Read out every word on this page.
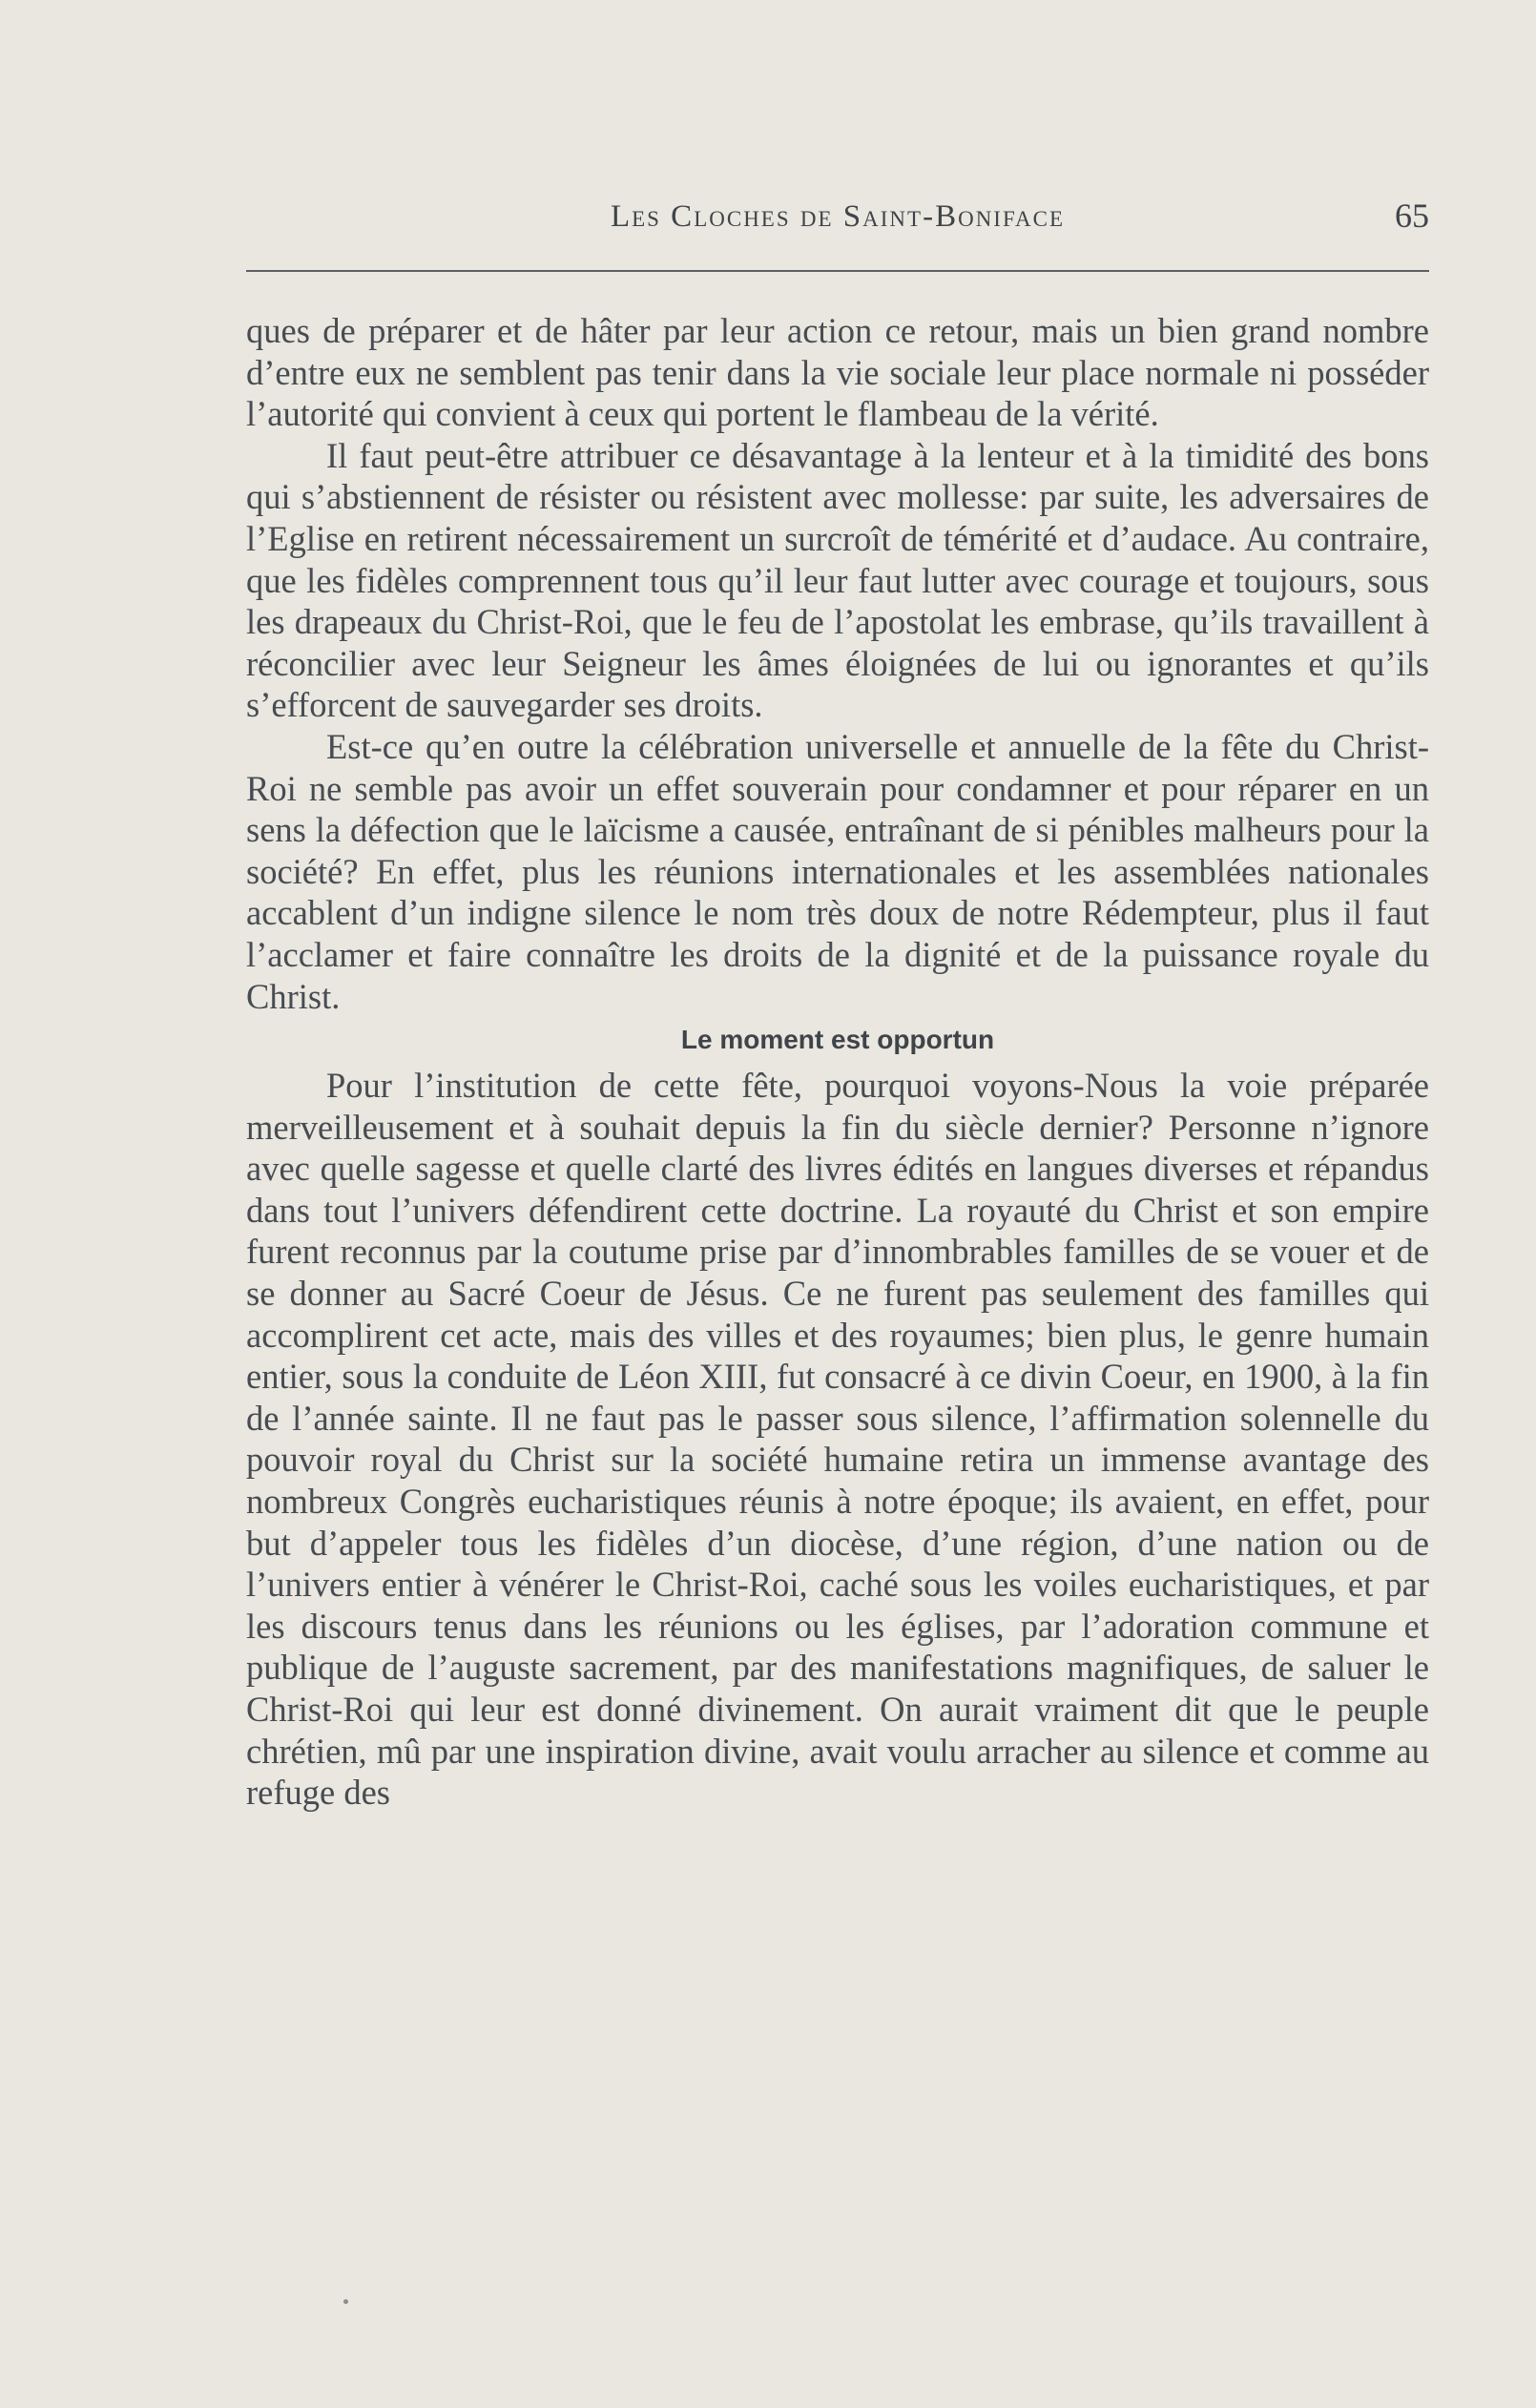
Les Cloches de Saint-Boniface	65

ques de préparer et de hâter par leur action ce retour, mais un bien grand nombre d’entre eux ne semblent pas tenir dans la vie sociale leur place normale ni posséder l’autorité qui convient à ceux qui portent le flambeau de la vérité.

Il faut peut-être attribuer ce désavantage à la lenteur et à la timidité des bons qui s’abstiennent de résister ou résistent avec mollesse: par suite, les adversaires de l’Eglise en retirent nécessairement un surcroît de témérité et d’audace. Au contraire, que les fidèles comprennent tous qu’il leur faut lutter avec courage et toujours, sous les drapeaux du Christ-Roi, que le feu de l’apostolat les embrase, qu’ils travaillent à réconcilier avec leur Seigneur les âmes éloignées de lui ou ignorantes et qu’ils s’efforcent de sauvegarder ses droits.

Est-ce qu’en outre la célébration universelle et annuelle de la fête du Christ-Roi ne semble pas avoir un effet souverain pour condamner et pour réparer en un sens la défection que le laïcisme a causée, entraînant de si pénibles malheurs pour la société? En effet, plus les réunions internationales et les assemblées nationales accablent d’un indigne silence le nom très doux de notre Rédempteur, plus il faut l’acclamer et faire connaître les droits de la dignité et de la puissance royale du Christ.

Le moment est opportun

Pour l’institution de cette fête, pourquoi voyons-Nous la voie préparée merveilleusement et à souhait depuis la fin du siècle dernier? Personne n’ignore avec quelle sagesse et quelle clarté des livres édités en langues diverses et répandus dans tout l’univers défendirent cette doctrine. La royauté du Christ et son empire furent reconnus par la coutume prise par d’innombrables familles de se vouer et de se donner au Sacré Coeur de Jésus. Ce ne furent pas seulement des familles qui accomplirent cet acte, mais des villes et des royaumes; bien plus, le genre humain entier, sous la conduite de Léon XIII, fut consacré à ce divin Coeur, en 1900, à la fin de l’année sainte. Il ne faut pas le passer sous silence, l’affirmation solennelle du pouvoir royal du Christ sur la société humaine retira un immense avantage des nombreux Congrès eucharistiques réunis à notre époque; ils avaient, en effet, pour but d’appeler tous les fidèles d’un diocèse, d’une région, d’une nation ou de l’univers entier à vénérer le Christ-Roi, caché sous les voiles eucharistiques, et par les discours tenus dans les réunions ou les églises, par l’adoration commune et publique de l’auguste sacrement, par des manifestations magnifiques, de saluer le Christ-Roi qui leur est donné divinement. On aurait vraiment dit que le peuple chrétien, mû par une inspiration divine, avait voulu arracher au silence et comme au refuge des
